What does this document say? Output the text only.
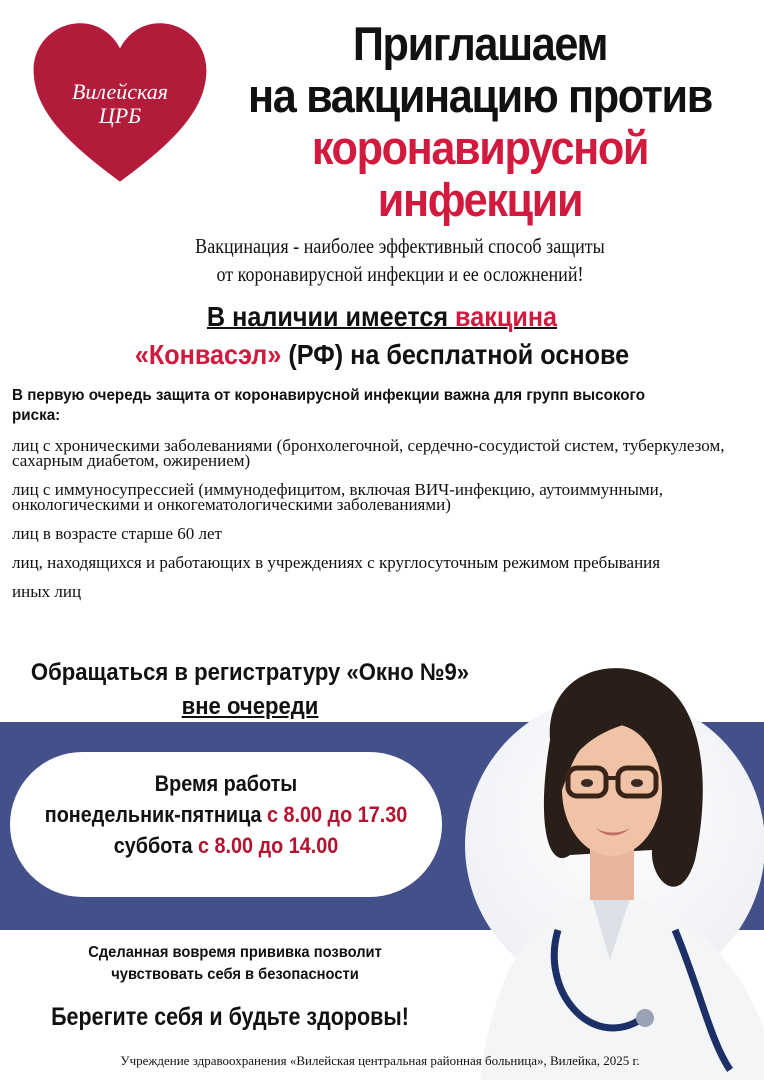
Вилейская
ЦРБ
Приглашаем
на вакцинацию против
коронавирусной
инфекции
Вакцинация - наиболее эффективный способ защиты
от коронавирусной инфекции и ее осложнений!
В наличии имеется вакцина
«Конвасэл» (РФ) на бесплатной основе
В первую очередь защита от коронавирусной инфекции важна для групп высокого риска:
лиц с хроническими заболеваниями (бронхолегочной, сердечно-сосудистой систем, туберкулезом, сахарным диабетом, ожирением)
лиц с иммуносупрессией (иммунодефицитом, включая ВИЧ-инфекцию, аутоиммунными, онкологическими и онкогематологическими заболеваниями)
лиц в возрасте старше 60 лет
лиц, находящихся и работающих в учреждениях с круглосуточным режимом пребывания
иных лиц
Обращаться в регистратуру «Окно №9»
вне очереди
Время работы
понедельник-пятница с 8.00 до 17.30
суббота с 8.00 до 14.00
Сделанная вовремя прививка позволит
чувствовать себя в безопасности
Берегите себя и будьте здоровы!
Учреждение здравоохранения «Вилейская центральная районная больница», Вилейка, 2025 г.
